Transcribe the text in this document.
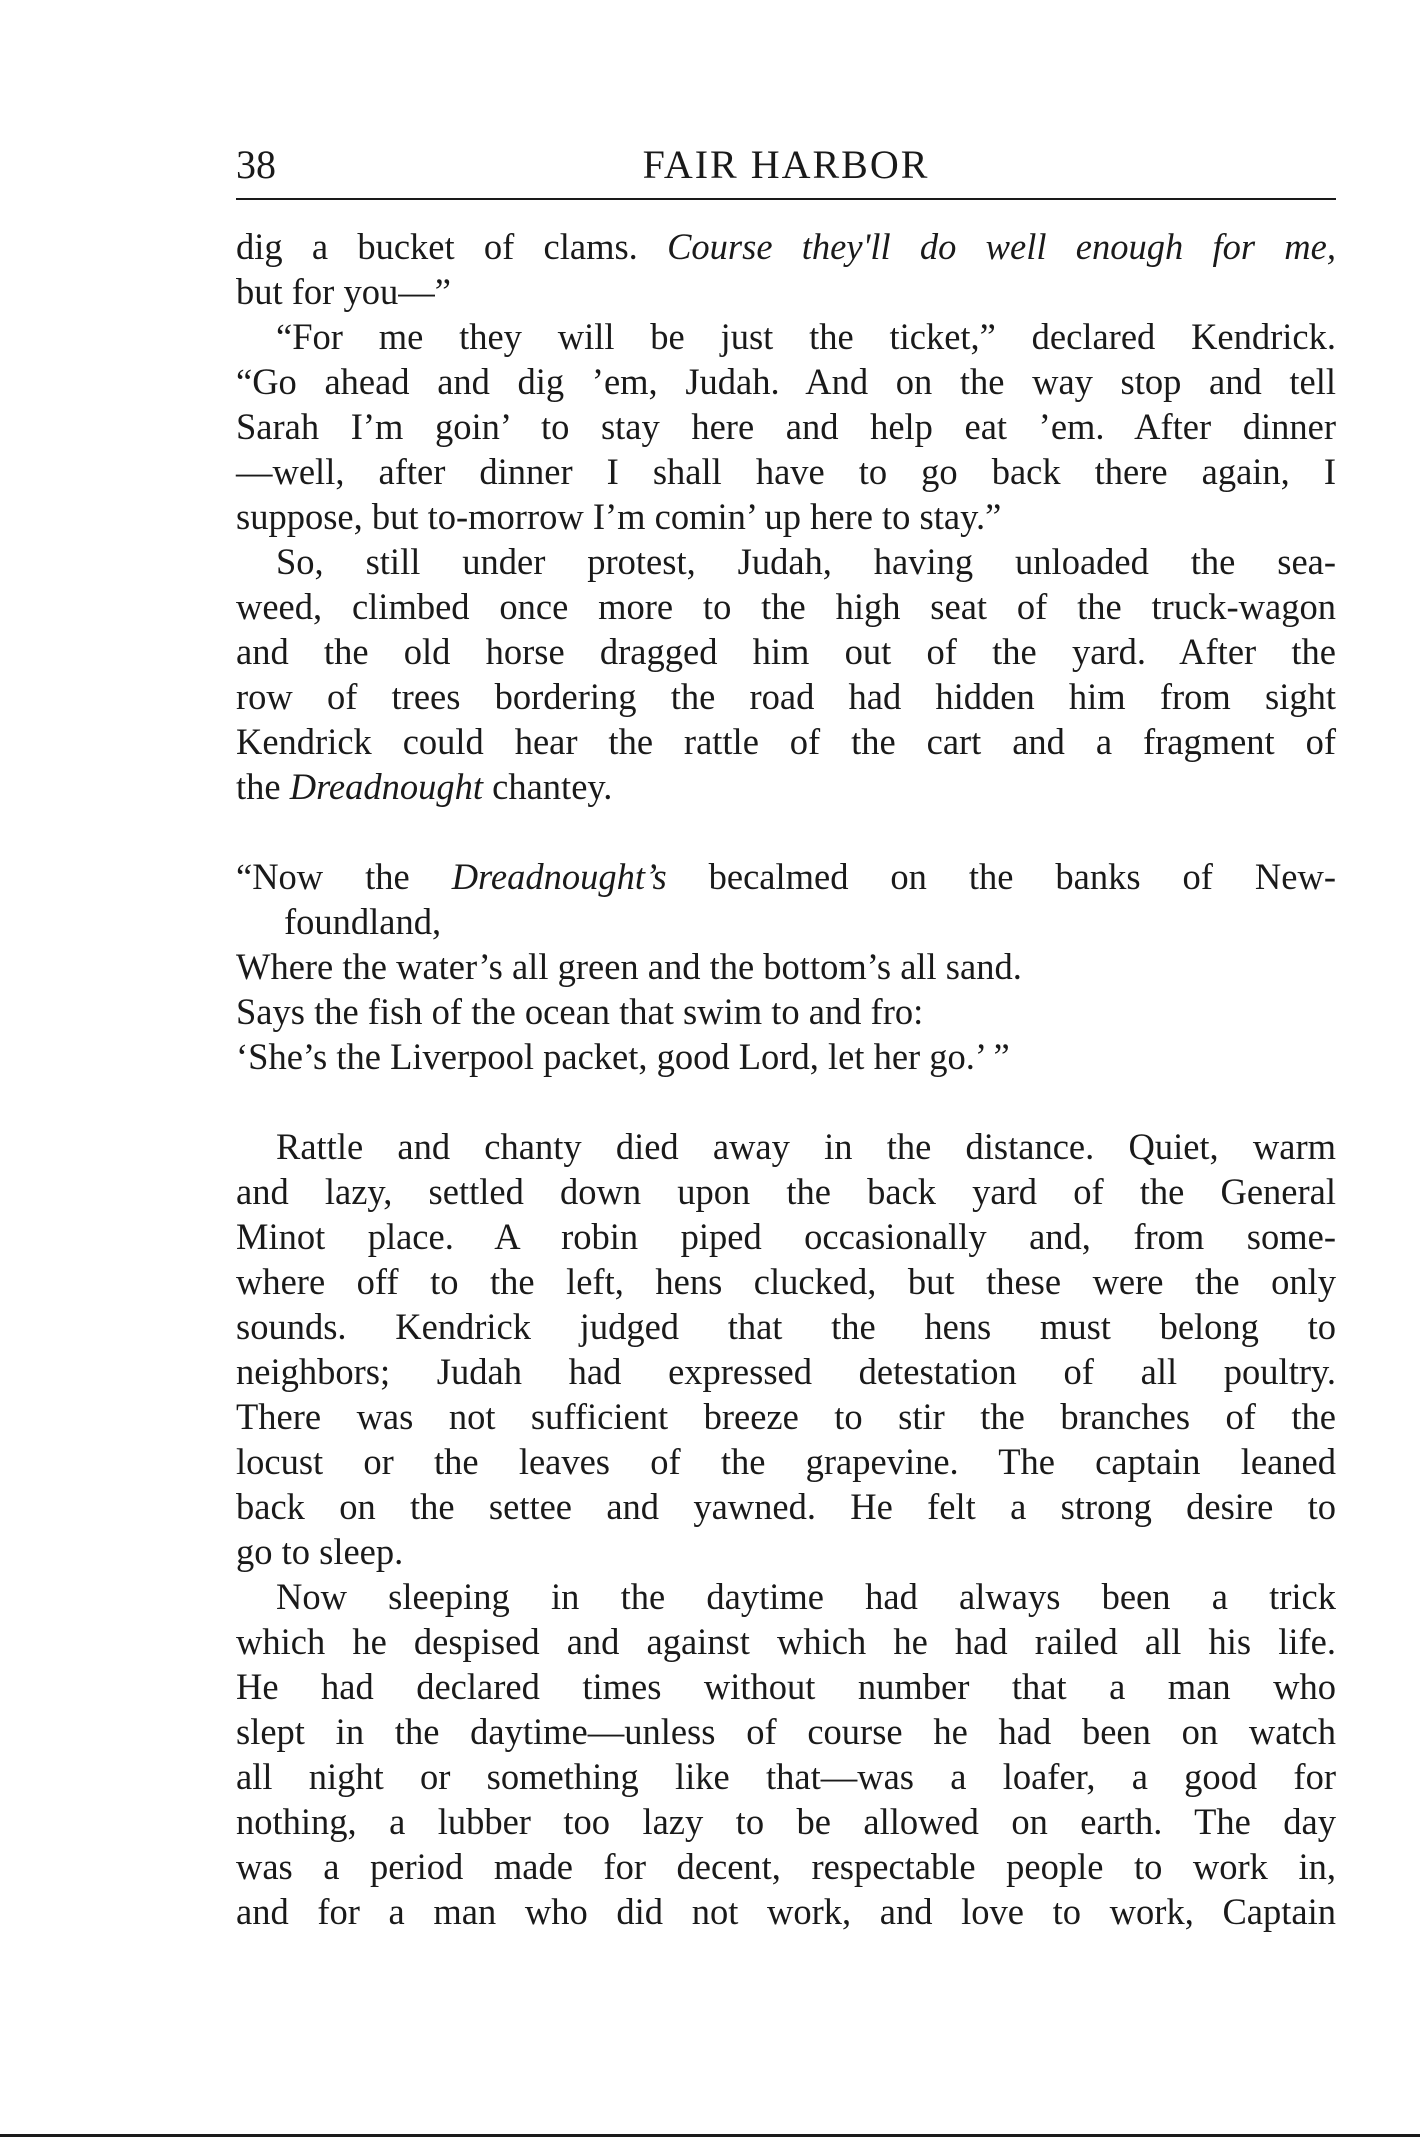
38	FAIR HARBOR
dig a bucket of clams. Course they'll do well enough for me,
but for you—”
“For me they will be just the ticket,” declared Kendrick.
“Go ahead and dig ’em, Judah. And on the way stop and tell
Sarah I’m goin’ to stay here and help eat ’em. After dinner
—well, after dinner I shall have to go back there again, I
suppose, but to-morrow I’m comin’ up here to stay.”
So, still under protest, Judah, having unloaded the sea-
weed, climbed once more to the high seat of the truck-wagon
and the old horse dragged him out of the yard. After the
row of trees bordering the road had hidden him from sight
Kendrick could hear the rattle of the cart and a fragment of
the Dreadnought chantey.
“Now the Dreadnought’s becalmed on the banks of New-
foundland,
Where the water’s all green and the bottom’s all sand.
Says the fish of the ocean that swim to and fro:
‘She’s the Liverpool packet, good Lord, let her go.’ ”
Rattle and chanty died away in the distance. Quiet, warm
and lazy, settled down upon the back yard of the General
Minot place. A robin piped occasionally and, from some-
where off to the left, hens clucked, but these were the only
sounds. Kendrick judged that the hens must belong to
neighbors; Judah had expressed detestation of all poultry.
There was not sufficient breeze to stir the branches of the
locust or the leaves of the grapevine. The captain leaned
back on the settee and yawned. He felt a strong desire to
go to sleep.
Now sleeping in the daytime had always been a trick
which he despised and against which he had railed all his life.
He had declared times without number that a man who
slept in the daytime—unless of course he had been on watch
all night or something like that—was a loafer, a good for
nothing, a lubber too lazy to be allowed on earth. The day
was a period made for decent, respectable people to work in,
and for a man who did not work, and love to work, Captain
